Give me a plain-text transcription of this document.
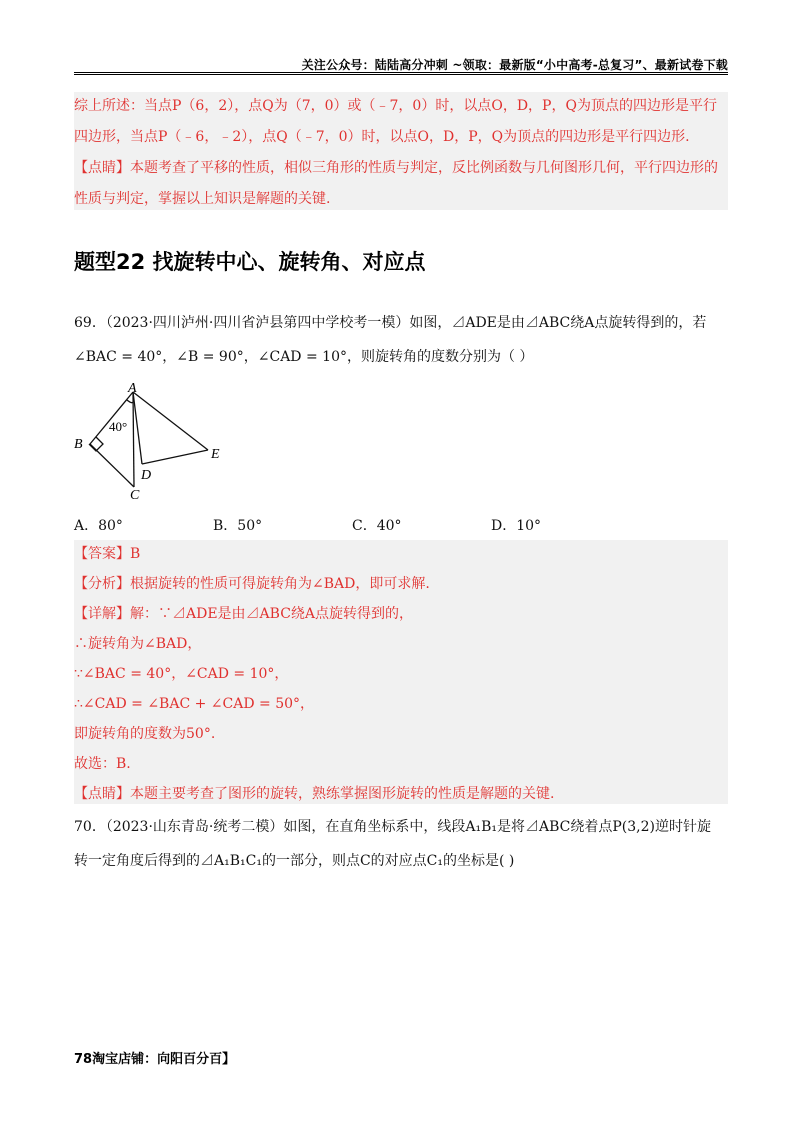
关注公众号：陆陆高分冲刺 ~领取：最新版“小中高考-总复习”、最新试卷下载
综上所述：当点P（6，2），点Q为（7，0）或（﹣7，0）时，以点O，D，P，Q为顶点的四边形是平行
四边形，当点P（﹣6，﹣2），点Q（﹣7，0）时，以点O，D，P，Q为顶点的四边形是平行四边形.
【点睛】本题考查了平移的性质，相似三角形的性质与判定，反比例函数与几何图形几何，平行四边形的
性质与判定，掌握以上知识是解题的关键.
题型22 找旋转中心、旋转角、对应点
69．（2023·四川泸州·四川省泸县第四中学校考一模）如图，⊿ADE是由⊿ABC绕A点旋转得到的，若
∠BAC = 40°，∠B = 90°，∠CAD = 10°，则旋转角的度数分别为（ ）
A
B
C
D
E
40°
A．80°	B．50°	C．40°	D．10°
【答案】B
【分析】根据旋转的性质可得旋转角为∠BAD，即可求解.
【详解】解：∵⊿ADE是由⊿ABC绕A点旋转得到的，
∴旋转角为∠BAD，
∵∠BAC = 40°，∠CAD = 10°，
∴∠CAD = ∠BAC + ∠CAD = 50°，
即旋转角的度数为50°.
故选：B.
【点睛】本题主要考查了图形的旋转，熟练掌握图形旋转的性质是解题的关键.
70．（2023·山东青岛·统考二模）如图，在直角坐标系中，线段A₁B₁是将⊿ABC绕着点P(3,2)逆时针旋
转一定角度后得到的⊿A₁B₁C₁的一部分，则点C的对应点C₁的坐标是( )
78淘宝店铺：向阳百分百】
